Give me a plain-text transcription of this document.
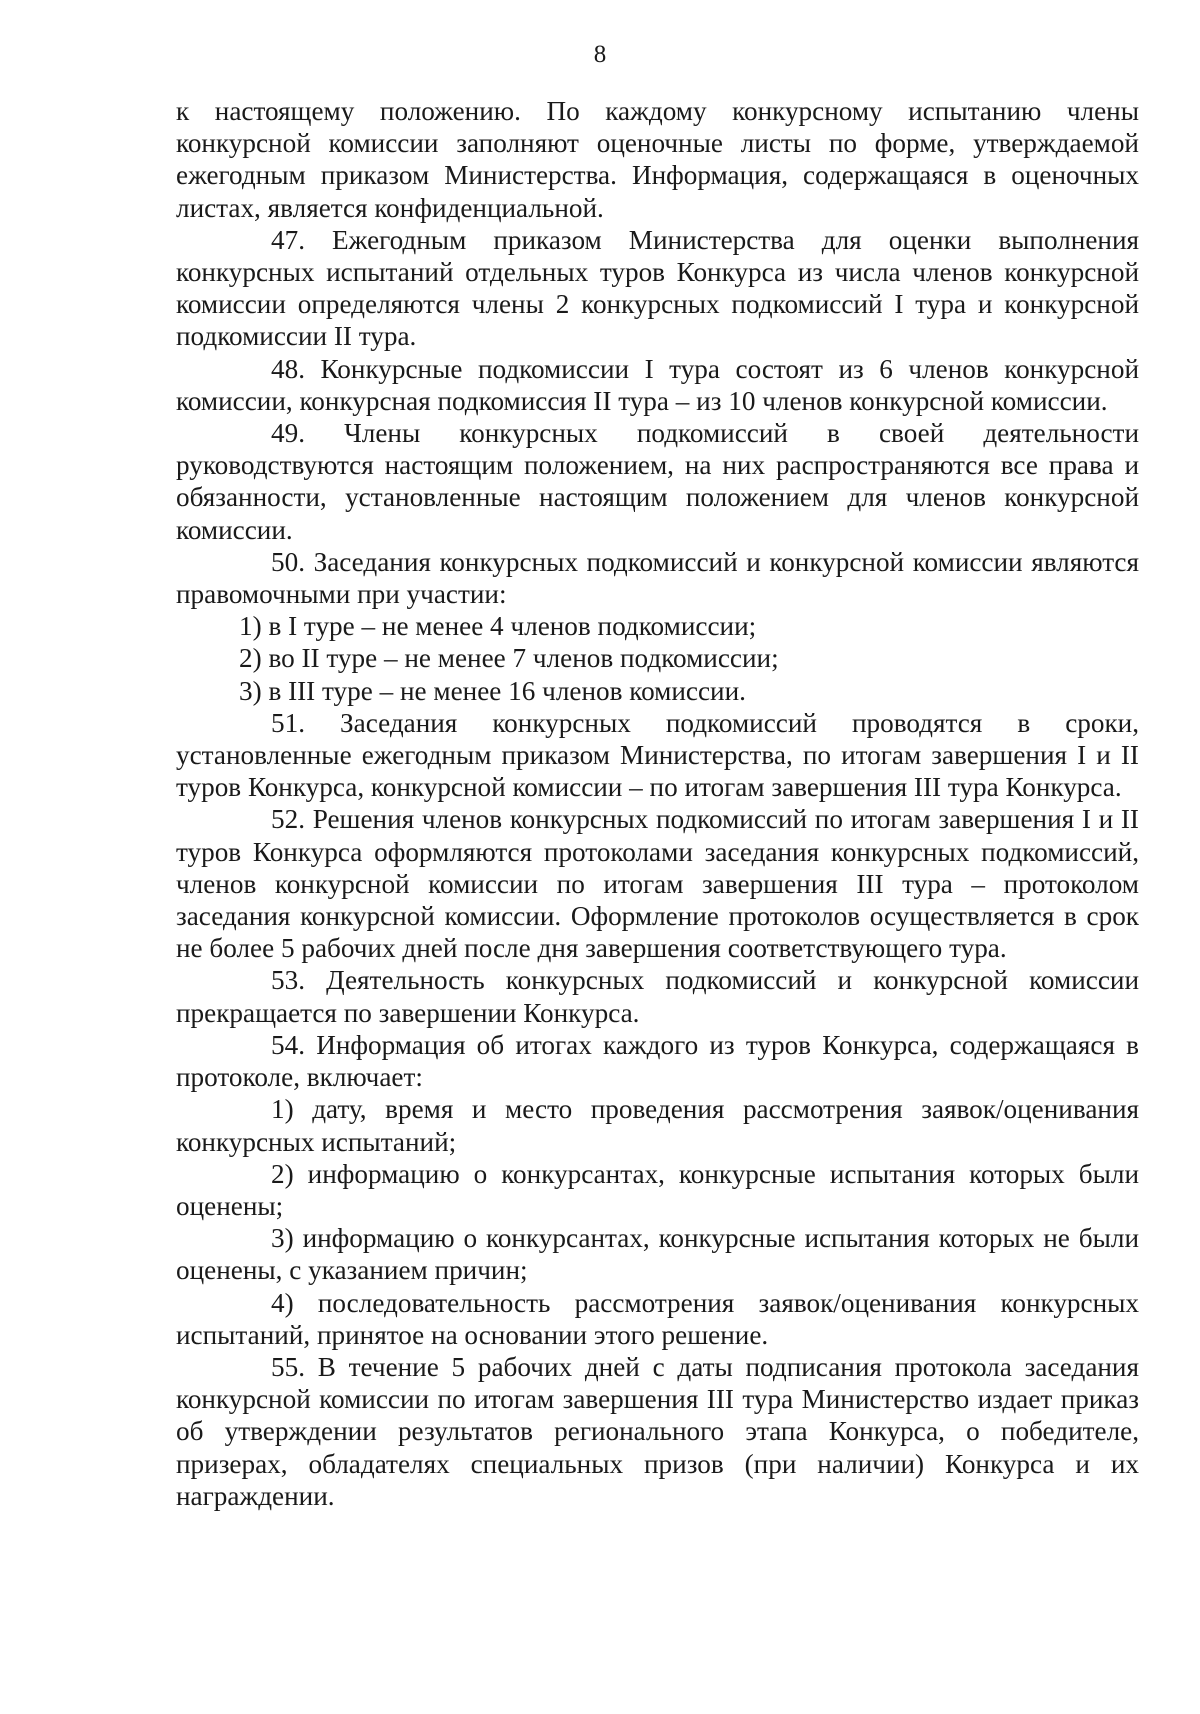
8

к настоящему положению. По каждому конкурсному испытанию члены конкурсной комиссии заполняют оценочные листы по форме, утверждаемой ежегодным приказом Министерства. Информация, содержащаяся в оценочных листах, является конфиденциальной.

47. Ежегодным приказом Министерства для оценки выполнения конкурсных испытаний отдельных туров Конкурса из числа членов конкурсной комиссии определяются члены 2 конкурсных подкомиссий I тура и конкурсной подкомиссии II тура.

48. Конкурсные подкомиссии I тура состоят из 6 членов конкурсной комиссии, конкурсная подкомиссия II тура – из 10 членов конкурсной комиссии.

49. Члены конкурсных подкомиссий в своей деятельности руководствуются настоящим положением, на них распространяются все права и обязанности, установленные настоящим положением для членов конкурсной комиссии.

50. Заседания конкурсных подкомиссий и конкурсной комиссии являются правомочными при участии:

1) в I туре – не менее 4 членов подкомиссии;

2) во II туре – не менее 7 членов подкомиссии;

3) в III туре – не менее 16 членов комиссии.

51. Заседания конкурсных подкомиссий проводятся в сроки, установленные ежегодным приказом Министерства, по итогам завершения I и II туров Конкурса, конкурсной комиссии – по итогам завершения III тура Конкурса.

52. Решения членов конкурсных подкомиссий по итогам завершения I и II туров Конкурса оформляются протоколами заседания конкурсных подкомиссий, членов конкурсной комиссии по итогам завершения III тура – протоколом заседания конкурсной комиссии. Оформление протоколов осуществляется в срок не более 5 рабочих дней после дня завершения соответствующего тура.

53. Деятельность конкурсных подкомиссий и конкурсной комиссии прекращается по завершении Конкурса.

54. Информация об итогах каждого из туров Конкурса, содержащаяся в протоколе, включает:

1) дату, время и место проведения рассмотрения заявок/оценивания конкурсных испытаний;

2) информацию о конкурсантах, конкурсные испытания которых были оценены;

3) информацию о конкурсантах, конкурсные испытания которых не были оценены, с указанием причин;

4) последовательность рассмотрения заявок/оценивания конкурсных испытаний, принятое на основании этого решение.

55. В течение 5 рабочих дней с даты подписания протокола заседания конкурсной комиссии по итогам завершения III тура Министерство издает приказ об утверждении результатов регионального этапа Конкурса, о победителе, призерах, обладателях специальных призов (при наличии) Конкурса и их награждении.
